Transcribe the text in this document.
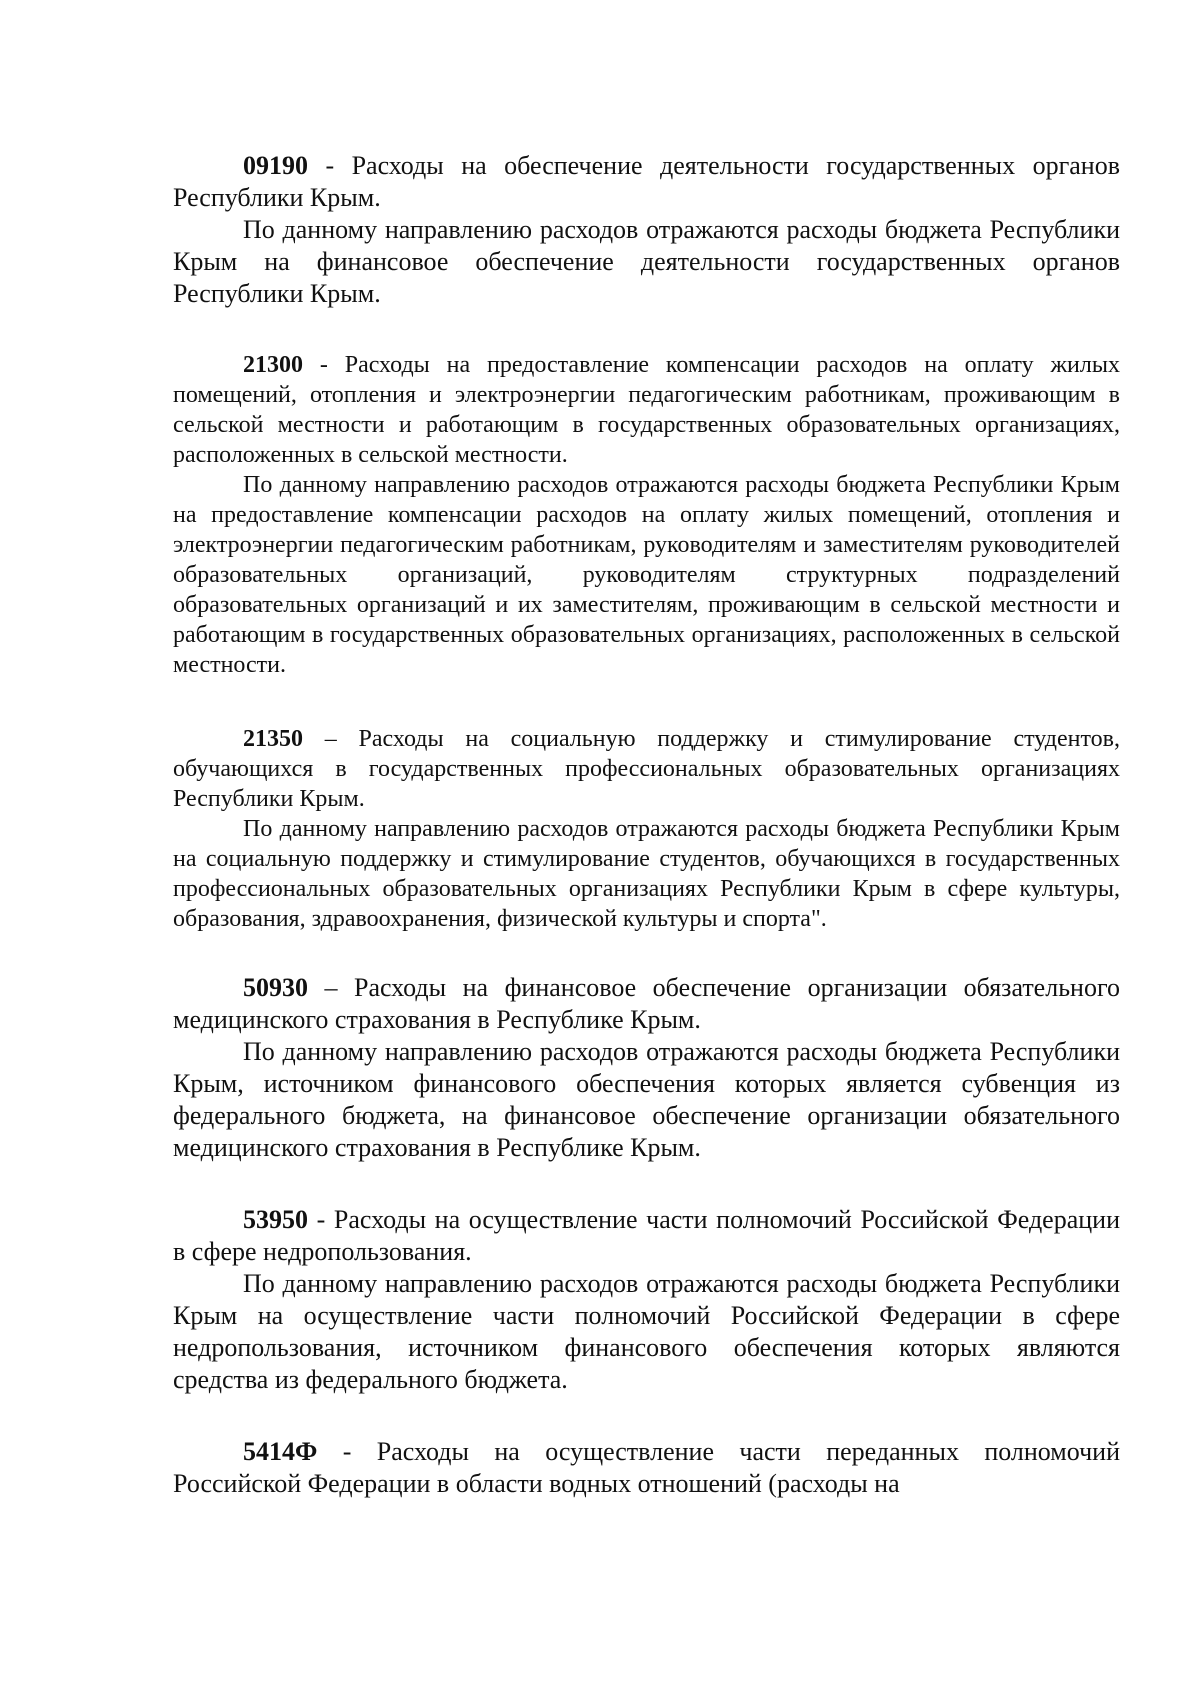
09190 - Расходы на обеспечение деятельности государственных органов Республики Крым.

По данному направлению расходов отражаются расходы бюджета Республики Крым на финансовое обеспечение деятельности государственных органов Республики Крым.

21300 - Расходы на предоставление компенсации расходов на оплату жилых помещений, отопления и электроэнергии педагогическим работникам, проживающим в сельской местности и работающим в государственных образовательных организациях, расположенных в сельской местности.

По данному направлению расходов отражаются расходы бюджета Республики Крым на предоставление компенсации расходов на оплату жилых помещений, отопления и электроэнергии педагогическим работникам, руководителям и заместителям руководителей образовательных организаций, руководителям структурных подразделений образовательных организаций и их заместителям, проживающим в сельской местности и работающим в государственных образовательных организациях, расположенных в сельской местности.

21350 – Расходы на социальную поддержку и стимулирование студентов, обучающихся в государственных профессиональных образовательных организациях Республики Крым.

По данному направлению расходов отражаются расходы бюджета Республики Крым на социальную поддержку и стимулирование студентов, обучающихся в государственных профессиональных образовательных организациях Республики Крым в сфере культуры, образования, здравоохранения, физической культуры и спорта".

50930 – Расходы на финансовое обеспечение организации обязательного медицинского страхования в Республике Крым.

По данному направлению расходов отражаются расходы бюджета Республики Крым, источником финансового обеспечения которых является субвенция из федерального бюджета, на финансовое обеспечение организации обязательного медицинского страхования в Республике Крым.

53950 - Расходы на осуществление части полномочий Российской Федерации в сфере недропользования.

По данному направлению расходов отражаются расходы бюджета Республики Крым на осуществление части полномочий Российской Федерации в сфере недропользования, источником финансового обеспечения которых являются средства из федерального бюджета.

5414Ф - Расходы на осуществление части переданных полномочий Российской Федерации в области водных отношений (расходы на
